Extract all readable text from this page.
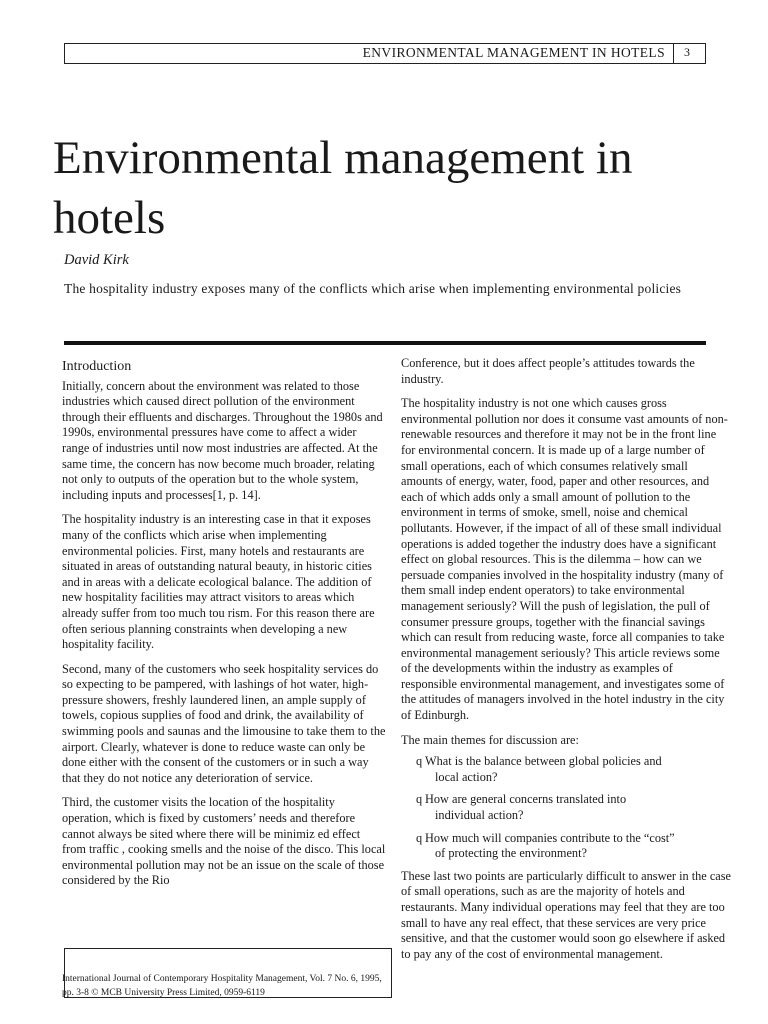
ENVIRONMENTAL MANAGEMENT IN HOTELS 3
Environmental management in hotels
David Kirk
The hospitality industry exposes many of the conflicts which arise when implementing environmental policies
Introduction

Initially, concern about the environment was related to those industries which caused direct pollution of the environment through their effluents and discharges. Throughout the 1980s and 1990s, environmental pressures have come to affect a wider range of industries until now most industries are affected. At the same time, the concern has now become much broader, relating not only to outputs of the operation but to the whole system, including inputs and processes[1, p. 14].

The hospitality industry is an interesting case in that it exposes many of the conflicts which arise when implementing environmental policies. First, many hotels and restaurants are situated in areas of outstanding natural beauty, in historic cities and in areas with a delicate ecological balance. The addition of new hospitality facilities may attract visitors to areas which already suffer from too much tou rism. For this reason there are often serious planning constraints when developing a new hospitality facility.

Second, many of the customers who seek hospitality services do so expecting to be pampered, with lashings of hot water, high-pressure showers, freshly laundered linen, an ample supply of towels, copious supplies of food and drink, the availability of swimming pools and saunas and the limousine to take them to the airport. Clearly, whatever is done to reduce waste can only be done either with the consent of the customers or in such a way that they do not notice any deterioration of service.

Third, the customer visits the location of the hospitality operation, which is fixed by customers’ needs and therefore cannot always be sited where there will be minimiz ed effect from traffic , cooking smells and the noise of the disco. This local environmental pollution may not be an issue on the scale of those considered by the Rio

Conference, but it does affect people’s attitudes towards the industry.

The hospitality industry is not one which causes gross environmental pollution nor does it consume vast amounts of non-renewable resources and therefore it may not be in the front line for environmental concern. It is made up of a large number of small operations, each of which consumes relatively small amounts of energy, water, food, paper and other resources, and each of which adds only a small amount of pollution to the environment in terms of smoke, smell, noise and chemical pollutants. However, if the impact of all of these small individual operations is added together the industry does have a significant effect on global resources. This is the dilemma – how can we persuade companies involved in the hospitality industry (many of them small indep endent operators) to take environmental management seriously? Will the push of legislation, the pull of consumer pressure groups, together with the financial savings which can result from reducing waste, force all companies to take environmental management seriously? This article reviews some of the developments within the industry as examples of responsible environmental management, and investigates some of the attitudes of managers involved in the hotel industry in the city of Edinburgh.

The main themes for discussion are:

q What is the balance between global policies and
local action?
q How are general concerns translated into
individual action?
q How much will companies contribute to the “cost”
of protecting the environment?

These last two points are particularly difficult to answer in the case of small operations, such as are the majority of hotels and restaurants. Many individual operations may feel that they are too small to have any real effect, that these services are very price sensitive, and that the customer would soon go elsewhere if asked to pay any of the cost of environmental management.

International Journal of Contemporary Hospitality Management, Vol. 7 No. 6, 1995, pp. 3-8 © MCB University Press Limited, 0959-6119
